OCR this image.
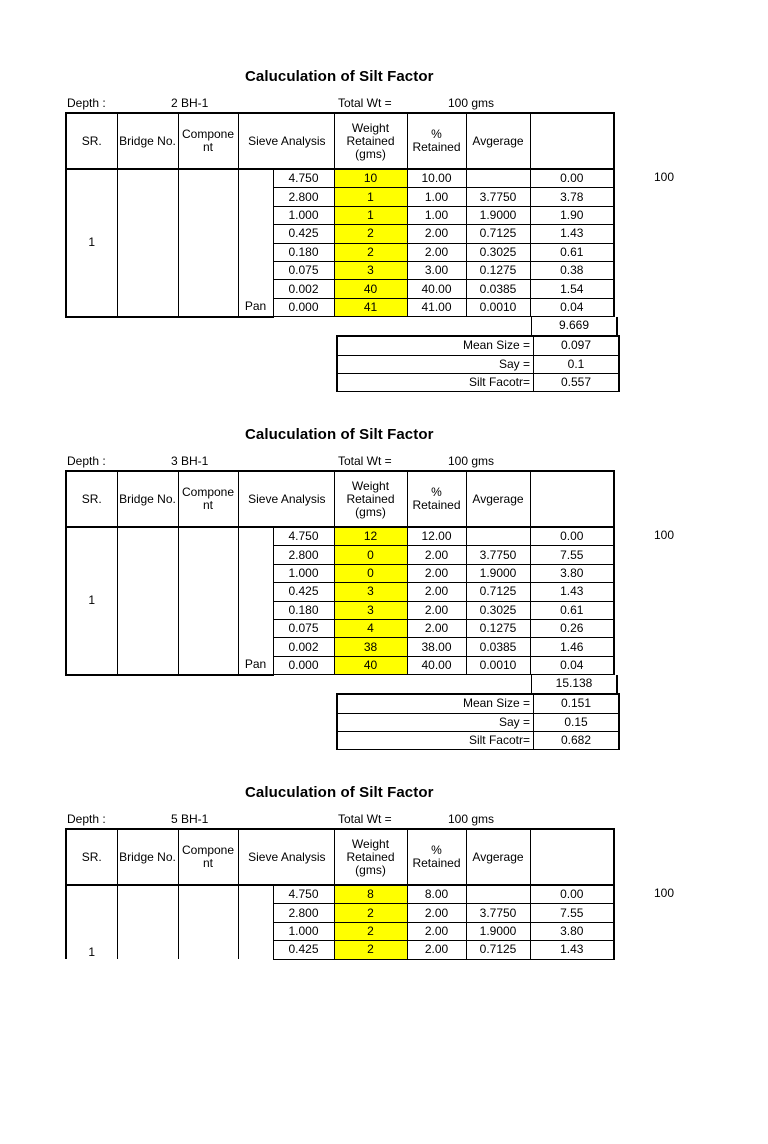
Caluculation of Silt Factor
Depth :	2 BH-1	Total Wt =	100 gms
SR.	Bridge No.	Compone nt	Sieve Analysis		Weight Retained (gms)	% Retained	Avgerage	
1				4.750	10	10.00		0.00
				2.800	1	1.00	3.7750	3.78
				1.000	1	1.00	1.9000	1.90
				0.425	2	2.00	0.7125	1.43
				0.180	2	2.00	0.3025	0.61
				0.075	3	3.00	0.1275	0.38
				0.002	40	40.00	0.0385	1.54
			Pan	0.000	41	41.00	0.0010	0.04
100
9.669
Mean Size =	0.097
Say =	0.1
Silt Facotr=	0.557
Caluculation of Silt Factor
Depth :	3 BH-1	Total Wt =	100 gms
SR.	Bridge No.	Compone nt	Sieve Analysis		Weight Retained (gms)	% Retained	Avgerage	
1				4.750	12	12.00		0.00
				2.800	0	2.00	3.7750	7.55
				1.000	0	2.00	1.9000	3.80
				0.425	3	2.00	0.7125	1.43
				0.180	3	2.00	0.3025	0.61
				0.075	4	2.00	0.1275	0.26
				0.002	38	38.00	0.0385	1.46
			Pan	0.000	40	40.00	0.0010	0.04
100
15.138
Mean Size =	0.151
Say =	0.15
Silt Facotr=	0.682
Caluculation of Silt Factor
Depth :	5 BH-1	Total Wt =	100 gms
SR.	Bridge No.	Compone nt	Sieve Analysis		Weight Retained (gms)	% Retained	Avgerage	
1				4.750	8	8.00		0.00
				2.800	2	2.00	3.7750	7.55
				1.000	2	2.00	1.9000	3.80
				0.425	2	2.00	0.7125	1.43
100
